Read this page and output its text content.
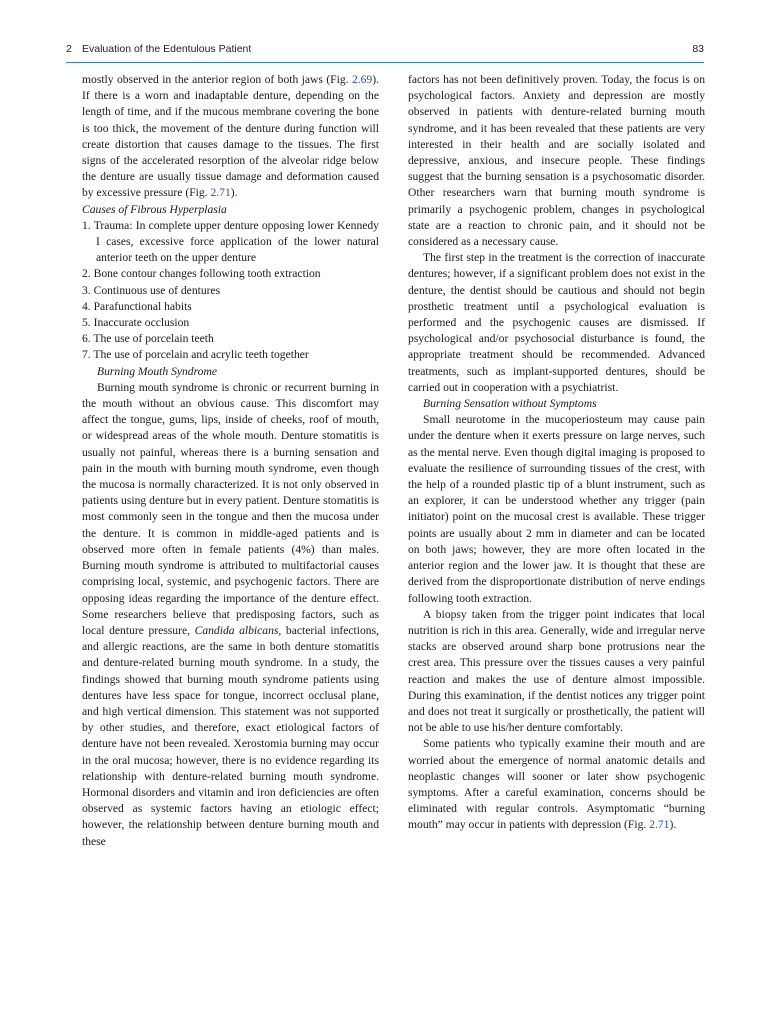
2 Evaluation of the Edentulous Patient	83

mostly observed in the anterior region of both jaws (Fig. 2.69). If there is a worn and inadaptable denture, depending on the length of time, and if the mucous membrane covering the bone is too thick, the movement of the denture during function will create distortion that causes damage to the tissues. The first signs of the accelerated resorption of the alveolar ridge below the denture are usually tissue damage and deformation caused by excessive pressure (Fig. 2.71).

Causes of Fibrous Hyperplasia

1. Trauma: In complete upper denture opposing lower Kennedy I cases, excessive force application of the lower natural anterior teeth on the upper denture
2. Bone contour changes following tooth extraction
3. Continuous use of dentures
4. Parafunctional habits
5. Inaccurate occlusion
6. The use of porcelain teeth
7. The use of porcelain and acrylic teeth together

Burning Mouth Syndrome

Burning mouth syndrome is chronic or recurrent burning in the mouth without an obvious cause. This discomfort may affect the tongue, gums, lips, inside of cheeks, roof of mouth, or widespread areas of the whole mouth. Denture stomatitis is usually not painful, whereas there is a burning sensation and pain in the mouth with burning mouth syndrome, even though the mucosa is normally characterized. It is not only observed in patients using denture but in every patient. Denture stomatitis is most commonly seen in the tongue and then the mucosa under the denture. It is common in middle-aged patients and is observed more often in female patients (4%) than males. Burning mouth syndrome is attributed to multifactorial causes comprising local, systemic, and psychogenic factors. There are opposing ideas regarding the importance of the denture effect. Some researchers believe that predisposing factors, such as local denture pressure, Candida albicans, bacterial infections, and allergic reactions, are the same in both denture stomatitis and denture-related burning mouth syndrome. In a study, the findings showed that burning mouth syndrome patients using dentures have less space for tongue, incorrect occlusal plane, and high vertical dimension. This statement was not supported by other studies, and therefore, exact etiological factors of denture have not been revealed. Xerostomia burning may occur in the oral mucosa; however, there is no evidence regarding its relationship with denture-related burning mouth syndrome. Hormonal disorders and vitamin and iron deficiencies are often observed as systemic factors having an etiologic effect; however, the relationship between denture burning mouth and these

factors has not been definitively proven. Today, the focus is on psychological factors. Anxiety and depression are mostly observed in patients with denture-related burning mouth syndrome, and it has been revealed that these patients are very interested in their health and are socially isolated and depressive, anxious, and insecure people. These findings suggest that the burning sensation is a psychosomatic disorder. Other researchers warn that burning mouth syndrome is primarily a psychogenic problem, changes in psychological state are a reaction to chronic pain, and it should not be considered as a necessary cause.

The first step in the treatment is the correction of inaccurate dentures; however, if a significant problem does not exist in the denture, the dentist should be cautious and should not begin prosthetic treatment until a psychological evaluation is performed and the psychogenic causes are dismissed. If psychological and/or psychosocial disturbance is found, the appropriate treatment should be recommended. Advanced treatments, such as implant-supported dentures, should be carried out in cooperation with a psychiatrist.

Burning Sensation without Symptoms

Small neurotome in the mucoperiosteum may cause pain under the denture when it exerts pressure on large nerves, such as the mental nerve. Even though digital imaging is proposed to evaluate the resilience of surrounding tissues of the crest, with the help of a rounded plastic tip of a blunt instrument, such as an explorer, it can be understood whether any trigger (pain initiator) point on the mucosal crest is available. These trigger points are usually about 2 mm in diameter and can be located on both jaws; however, they are more often located in the anterior region and the lower jaw. It is thought that these are derived from the disproportionate distribution of nerve endings following tooth extraction.

A biopsy taken from the trigger point indicates that local nutrition is rich in this area. Generally, wide and irregular nerve stacks are observed around sharp bone protrusions near the crest area. This pressure over the tissues causes a very painful reaction and makes the use of denture almost impossible. During this examination, if the dentist notices any trigger point and does not treat it surgically or prosthetically, the patient will not be able to use his/her denture comfortably.

Some patients who typically examine their mouth and are worried about the emergence of normal anatomic details and neoplastic changes will sooner or later show psychogenic symptoms. After a careful examination, concerns should be eliminated with regular controls. Asymptomatic “burning mouth” may occur in patients with depression (Fig. 2.71).
